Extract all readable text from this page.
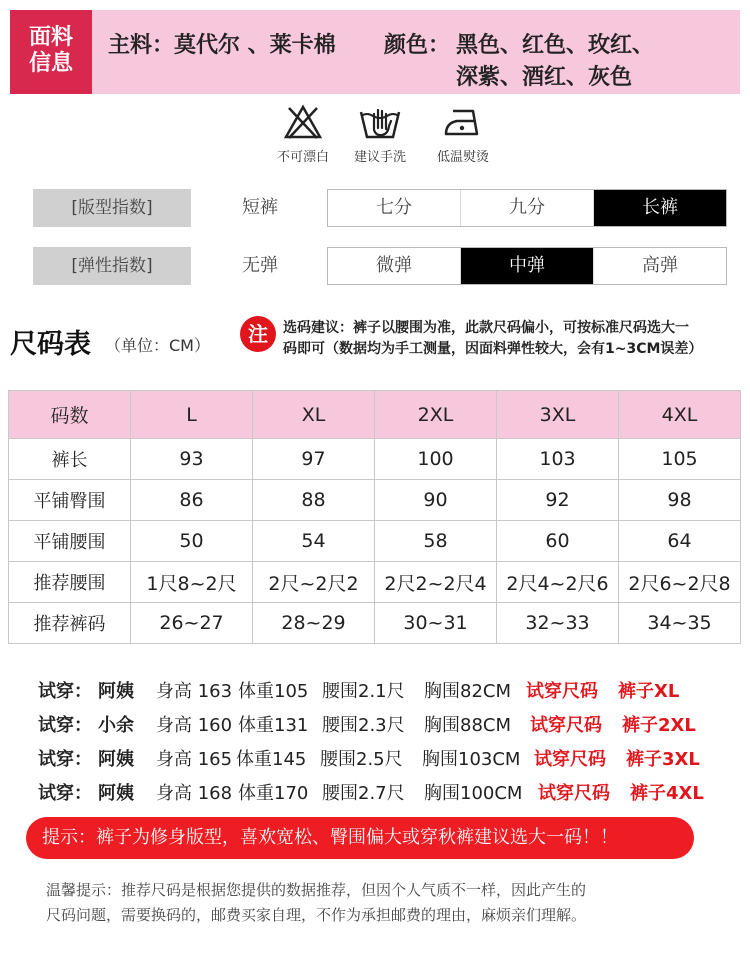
面料
信息
主料：莫代尔 、莱卡棉 颜色： 黑色、红色、玫红、
深紫、酒红、灰色
不可漂白	建议手洗	低温熨烫
[版型指数]	短裤	七分	九分	长裤
[弹性指数]	无弹	微弹	中弹	高弹
尺码表 （单位：CM）	注	选码建议：裤子以腰围为准，此款尺码偏小，可按标准尺码选大一
码即可（数据均为手工测量，因面料弹性较大，会有1~3CM误差）
码数	L	XL	2XL	3XL	4XL
裤长	93	97	100	103	105
平铺臀围	86	88	90	92	98
平铺腰围	50	54	58	60	64
推荐腰围	1尺8~2尺	2尺~2尺2	2尺2~2尺4	2尺4~2尺6	2尺6~2尺8
推荐裤码	26~27	28~29	30~31	32~33	34~35
试穿： 阿姨 身高 163 体重105 腰围2.1尺 胸围82CM 试穿尺码 裤子XL
试穿： 小余 身高 160 体重131 腰围2.3尺 胸围88CM 试穿尺码 裤子2XL
试穿： 阿姨 身高 165 体重145 腰围2.5尺 胸围103CM 试穿尺码 裤子3XL
试穿： 阿姨 身高 168 体重170 腰围2.7尺 胸围100CM 试穿尺码 裤子4XL
提示：裤子为修身版型，喜欢宽松、臀围偏大或穿秋裤建议选大一码！！
温馨提示：推荐尺码是根据您提供的数据推荐，但因个人气质不一样，因此产生的
尺码问题，需要换码的，邮费买家自理，不作为承担邮费的理由，麻烦亲们理解。
